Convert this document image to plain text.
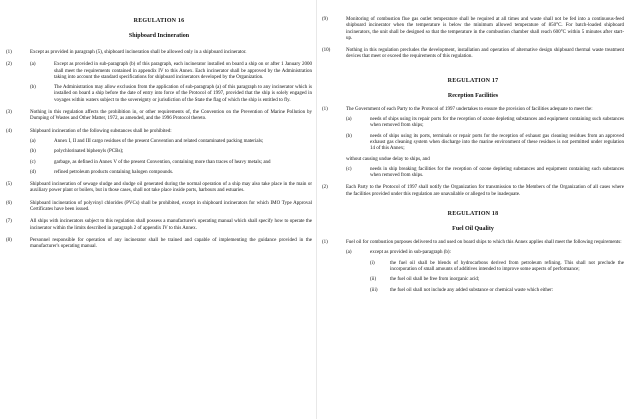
REGULATION 16

Shipboard Incineration

(1)	Except as provided in paragraph (5), shipboard incineration shall be allowed only in a shipboard incinerator.
(2)	(a)	Except as provided in sub-paragraph (b) of this paragraph, each incinerator installed on board a ship on or after 1 January 2000 shall meet the requirements contained in appendix IV to this Annex. Each incinerator shall be approved by the Administration taking into account the standard specifications for shipboard incinerators developed by the Organization.
(b)	The Administration may allow exclusion from the application of sub-paragraph (a) of this paragraph to any incinerator which is installed on board a ship before the date of entry into force of the Protocol of 1997, provided that the ship is solely engaged in voyages within waters subject to the sovereignty or jurisdiction of the State the flag of which the ship is entitled to fly.
(3)	Nothing in this regulation affects the prohibition in, or other requirements of, the Convention on the Prevention of Marine Pollution by Dumping of Wastes and Other Matter, 1972, as amended, and the 1996 Protocol thereto.
(4)	Shipboard incineration of the following substances shall be prohibited:
(a)	Annex I, II and III cargo residues of the present Convention and related contaminated packing materials;
(b)	polychlorinated biphenyls (PCBs);
(c)	garbage, as defined in Annex V of the present Convention, containing more than traces of heavy metals; and
(d)	refined petroleum products containing halogen compounds.
(5)	Shipboard incineration of sewage sludge and sludge oil generated during the normal operation of a ship may also take place in the main or auxiliary power plant or boilers, but in those cases, shall not take place inside ports, harbours and estuaries.
(6)	Shipboard incineration of polyvinyl chlorides (PVCs) shall be prohibited, except in shipboard incinerators for which IMO Type Approval Certificates have been issued.
(7)	All ships with incinerators subject to this regulation shall possess a manufacturer's operating manual which shall specify how to operate the incinerator within the limits described in paragraph 2 of appendix IV to this Annex.
(8)	Personnel responsible for operation of any incinerator shall be trained and capable of implementing the guidance provided in the manufacturer's operating manual.
(9)	Monitoring of combustion flue gas outlet temperature shall be required at all times and waste shall not be fed into a continuous-feed shipboard incinerator when the temperature is below the minimum allowed temperature of 850°C. For batch-loaded shipboard incinerators, the unit shall be designed so that the temperature in the combustion chamber shall reach 600°C within 5 minutes after start-up.
(10)	Nothing in this regulation precludes the development, installation and operation of alternative design shipboard thermal waste treatment devices that meet or exceed the requirements of this regulation.

REGULATION 17

Reception Facilities

(1)	The Government of each Party to the Protocol of 1997 undertakes to ensure the provision of facilities adequate to meet the:
(a)	needs of ships using its repair ports for the reception of ozone depleting substances and equipment containing such substances when removed from ships;
(b)	needs of ships using its ports, terminals or repair ports for the reception of exhaust gas cleaning residues from an approved exhaust gas cleaning system when discharge into the marine environment of these residues is not permitted under regulation 14 of this Annex;
without causing undue delay to ships, and
(c)	needs in ship breaking facilities for the reception of ozone depleting substances and equipment containing such substances when removed from ships.
(2)	Each Party to the Protocol of 1997 shall notify the Organization for transmission to the Members of the Organization of all cases where the facilities provided under this regulation are unavailable or alleged to be inadequate.

REGULATION 18

Fuel Oil Quality

(1)	Fuel oil for combustion purposes delivered to and used on board ships to which this Annex applies shall meet the following requirements:
(a)	except as provided in sub-paragraph (b):
(i)	the fuel oil shall be blends of hydrocarbons derived from petroleum refining. This shall not preclude the incorporation of small amounts of additives intended to improve some aspects of performance;
(ii)	the fuel oil shall be free from inorganic acid;
(iii)	the fuel oil shall not include any added substance or chemical waste which either:
